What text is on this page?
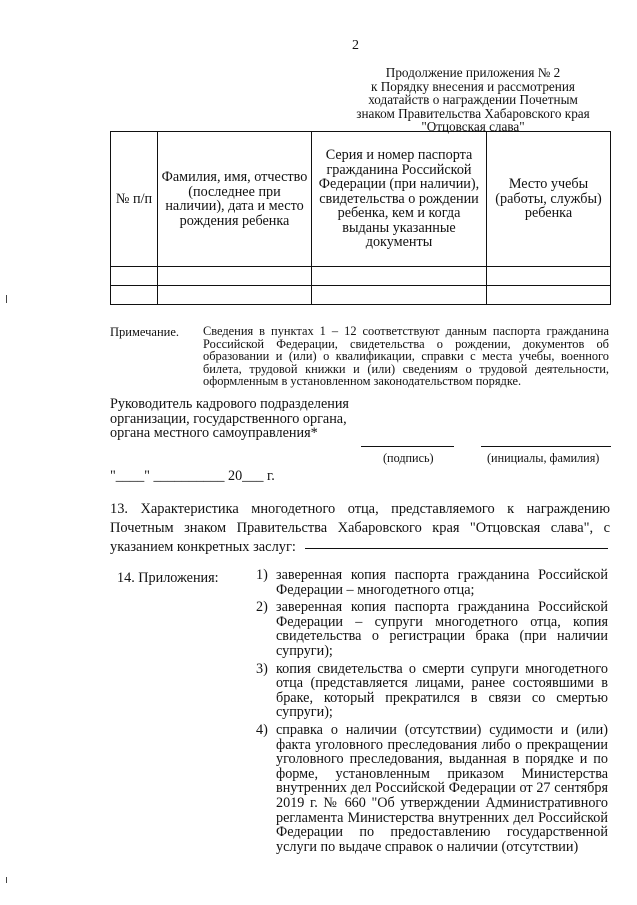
2
Продолжение приложения № 2
к Порядку внесения и рассмотрения
ходатайств о награждении Почетным
знаком Правительства Хабаровского края
"Отцовская слава"
№ п/п	Фамилия, имя, отчество (последнее при наличии), дата и место рождения ребенка	Серия и номер паспорта гражданина Российской Федерации (при наличии), свидетельства о рождении ребенка, кем и когда выданы указанные документы	Место учебы (работы, службы) ребенка

Примечание. Сведения в пунктах 1 – 12 соответствуют данным паспорта гражданина Российской Федерации, свидетельства о рождении, документов об образовании и (или) о квалификации, справки с места учебы, военного билета, трудовой книжки и (или) сведениям о трудовой деятельности, оформленным в установленном законодательством порядке.
Руководитель кадрового подразделения организации, государственного органа, органа местного самоуправления*
(подпись)	(инициалы, фамилия)
"____" __________ 20___ г.
13. Характеристика многодетного отца, представляемого к награждению Почетным знаком Правительства Хабаровского края "Отцовская слава", с указанием конкретных заслуг:
14. Приложения:	1) заверенная копия паспорта гражданина Российской Федерации – многодетного отца;
2) заверенная копия паспорта гражданина Российской Федерации – супруги многодетного отца, копия свидетельства о регистрации брака (при наличии супруги);
3) копия свидетельства о смерти супруги многодетного отца (представляется лицами, ранее состоявшими в браке, который прекратился в связи со смертью супруги);
4) справка о наличии (отсутствии) судимости и (или) факта уголовного преследования либо о прекращении уголовного преследования, выданная в порядке и по форме, установленным приказом Министерства внутренних дел Российской Федерации от 27 сентября 2019 г. № 660 "Об утверждении Административного регламента Министерства внутренних дел Российской Федерации по предоставлению государственной услуги по выдаче справок о наличии (отсутствии)
